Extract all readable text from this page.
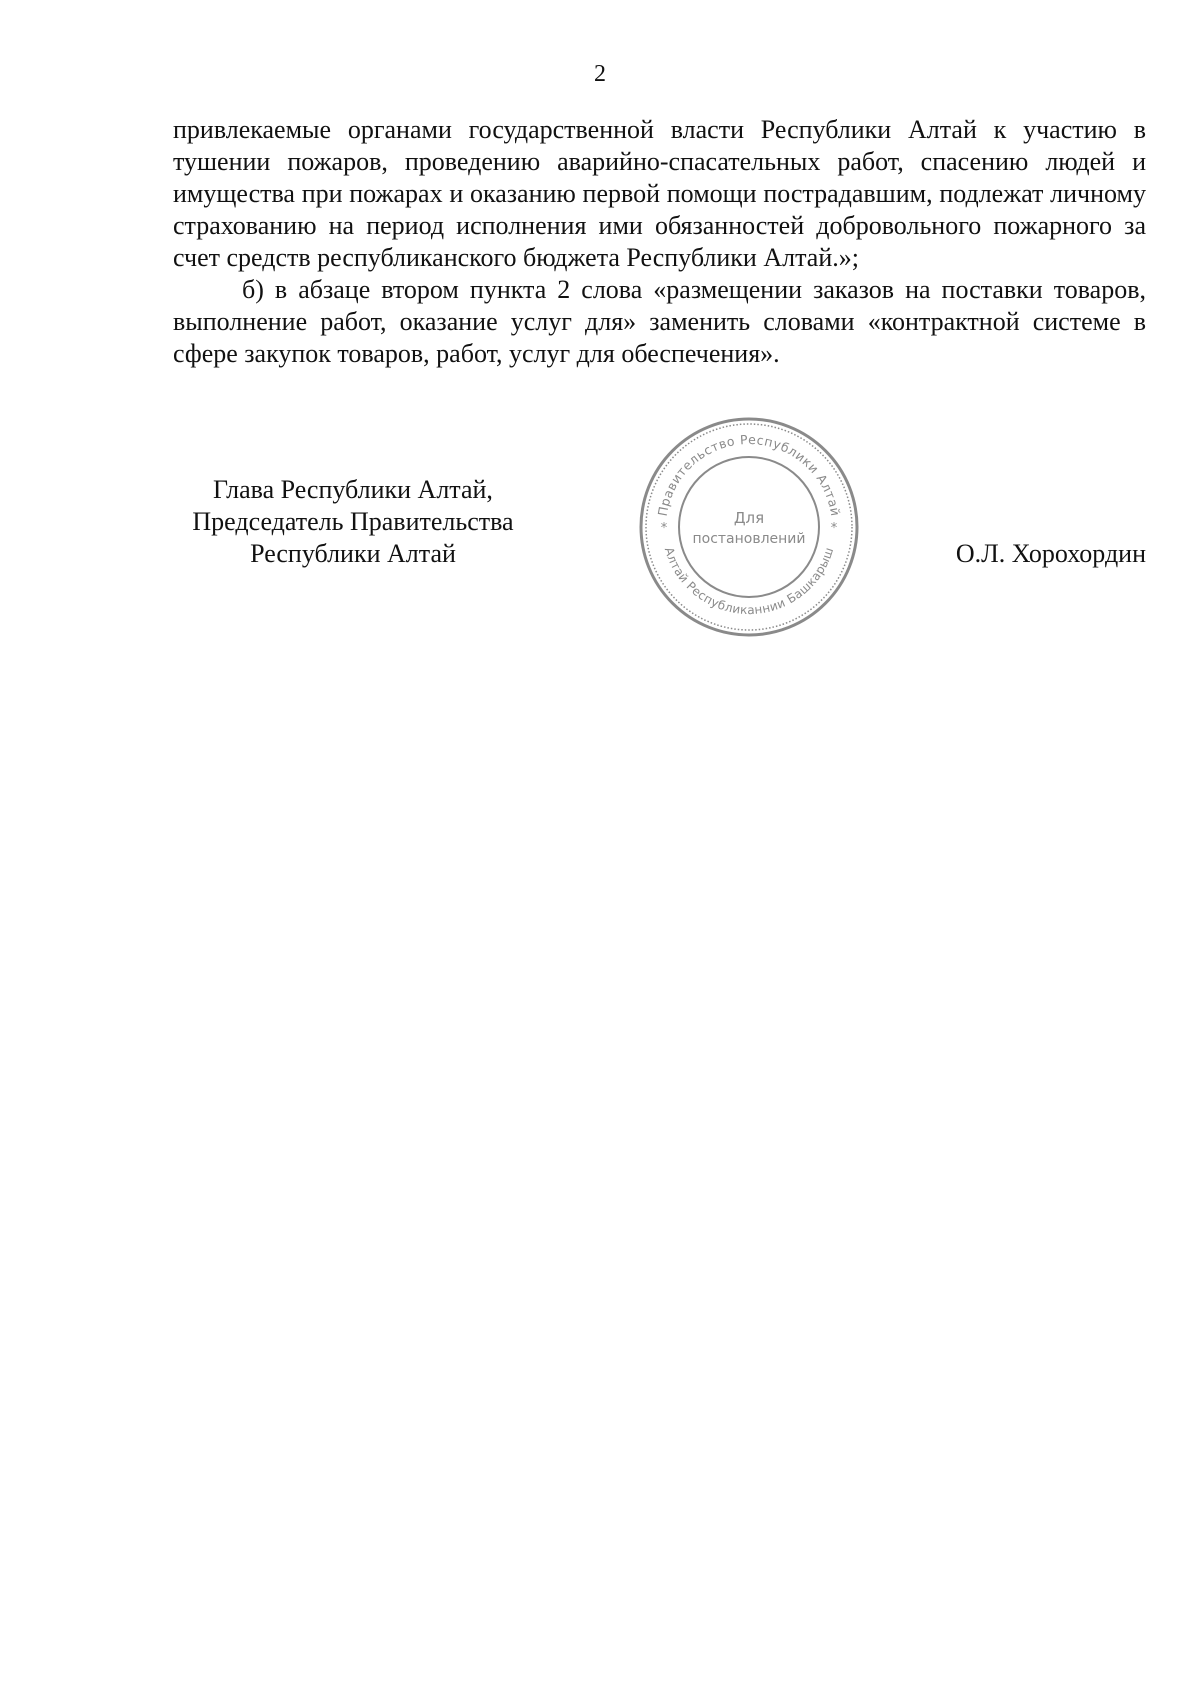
2

привлекаемые органами государственной власти Республики Алтай к участию в тушении пожаров, проведению аварийно-спасательных работ, спасению людей и имущества при пожарах и оказанию первой помощи пострадавшим, подлежат личному страхованию на период исполнения ими обязанностей добровольного пожарного за счет средств республиканского бюджета Республики Алтай.»;

б) в абзаце втором пункта 2 слова «размещении заказов на поставки товаров, выполнение работ, оказание услуг для» заменить словами «контрактной системе в сфере закупок товаров, работ, услуг для обеспечения».

Глава Республики Алтай,
Председатель Правительства
Республики Алтай
Правительство Республики Алтай
Алтай Республиканнии Башкарыш
*	*
Для
постановлений	О.Л. Хорохордин
